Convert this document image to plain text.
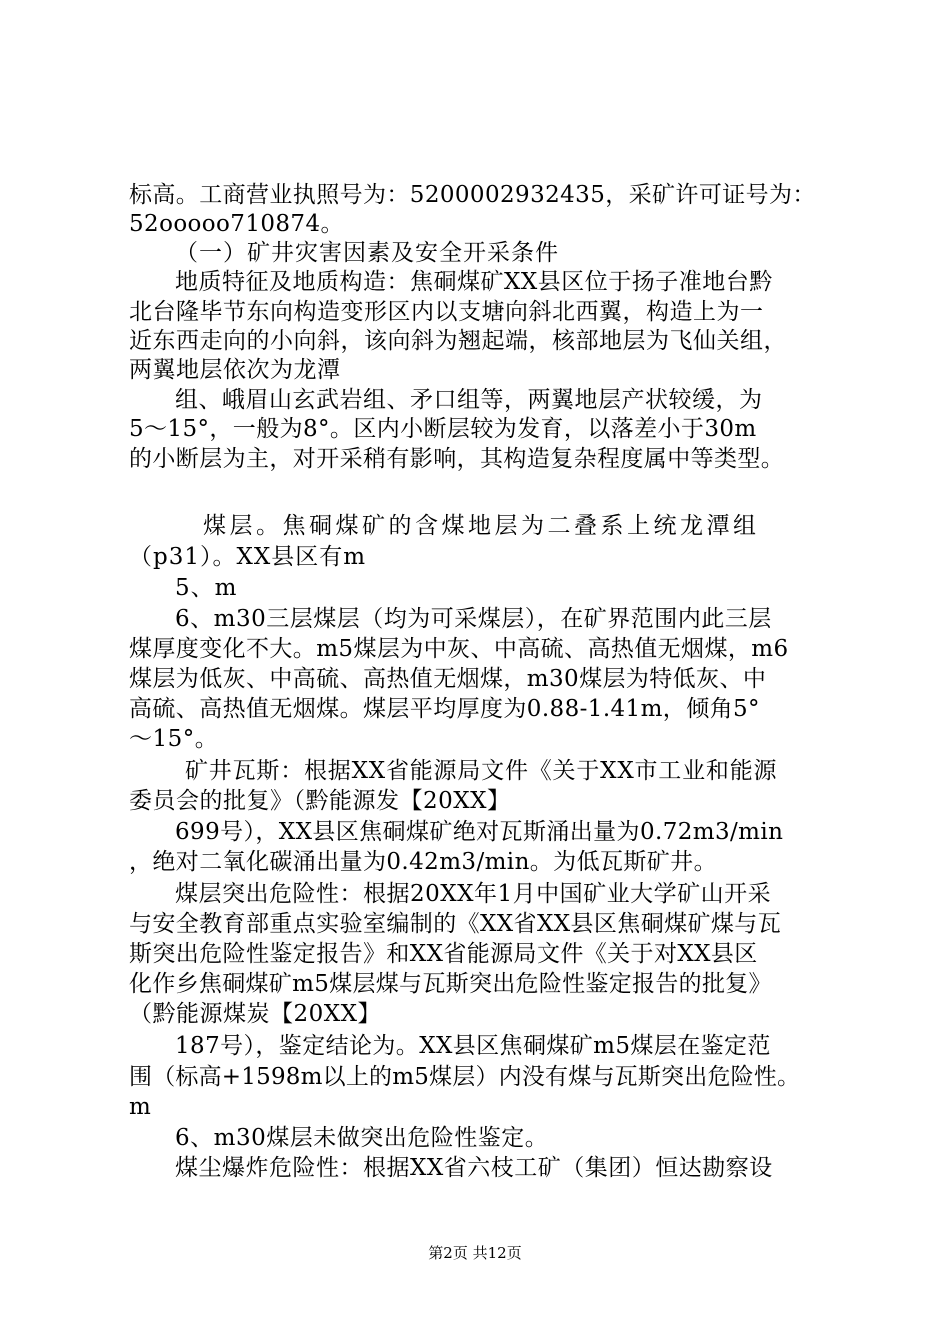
标高。工商营业执照号为：5200002932435，采矿许可证号为：

52ooooo710874。

（一）矿井灾害因素及安全开采条件

地质特征及地质构造：焦硐煤矿XX县区位于扬子准地台黔

北台隆毕节东向构造变形区内以支塘向斜北西翼，构造上为一

近东西走向的小向斜，该向斜为翘起端，核部地层为飞仙关组，

两翼地层依次为龙潭

组、峨眉山玄武岩组、矛口组等，两翼地层产状较缓，为

5～15°，一般为8°。区内小断层较为发育，以落差小于30m

的小断层为主，对开采稍有影响，其构造复杂程度属中等类型。

煤层。焦硐煤矿的含煤地层为二叠系上统龙潭组

（p31）。XX县区有m

5、m

6、m30三层煤层（均为可采煤层），在矿界范围内此三层

煤厚度变化不大。m5煤层为中灰、中高硫、高热值无烟煤，m6

煤层为低灰、中高硫、高热值无烟煤，m30煤层为特低灰、中

高硫、高热值无烟煤。煤层平均厚度为0.88-1.41m，倾角5°

～15°。

矿井瓦斯：根据XX省能源局文件《关于XX市工业和能源

委员会的批复》（黔能源发【20XX】

699号），XX县区焦硐煤矿绝对瓦斯涌出量为0.72m3/min

，绝对二氧化碳涌出量为0.42m3/min。为低瓦斯矿井。

煤层突出危险性：根据20XX年1月中国矿业大学矿山开采

与安全教育部重点实验室编制的《XX省XX县区焦硐煤矿煤与瓦

斯突出危险性鉴定报告》和XX省能源局文件《关于对XX县区

化作乡焦硐煤矿m5煤层煤与瓦斯突出危险性鉴定报告的批复》

（黔能源煤炭【20XX】

187号），鉴定结论为。XX县区焦硐煤矿m5煤层在鉴定范

围（标高+1598m以上的m5煤层）内没有煤与瓦斯突出危险性。

m

6、m30煤层未做突出危险性鉴定。

煤尘爆炸危险性：根据XX省六枝工矿（集团）恒达勘察设

第2页 共12页
